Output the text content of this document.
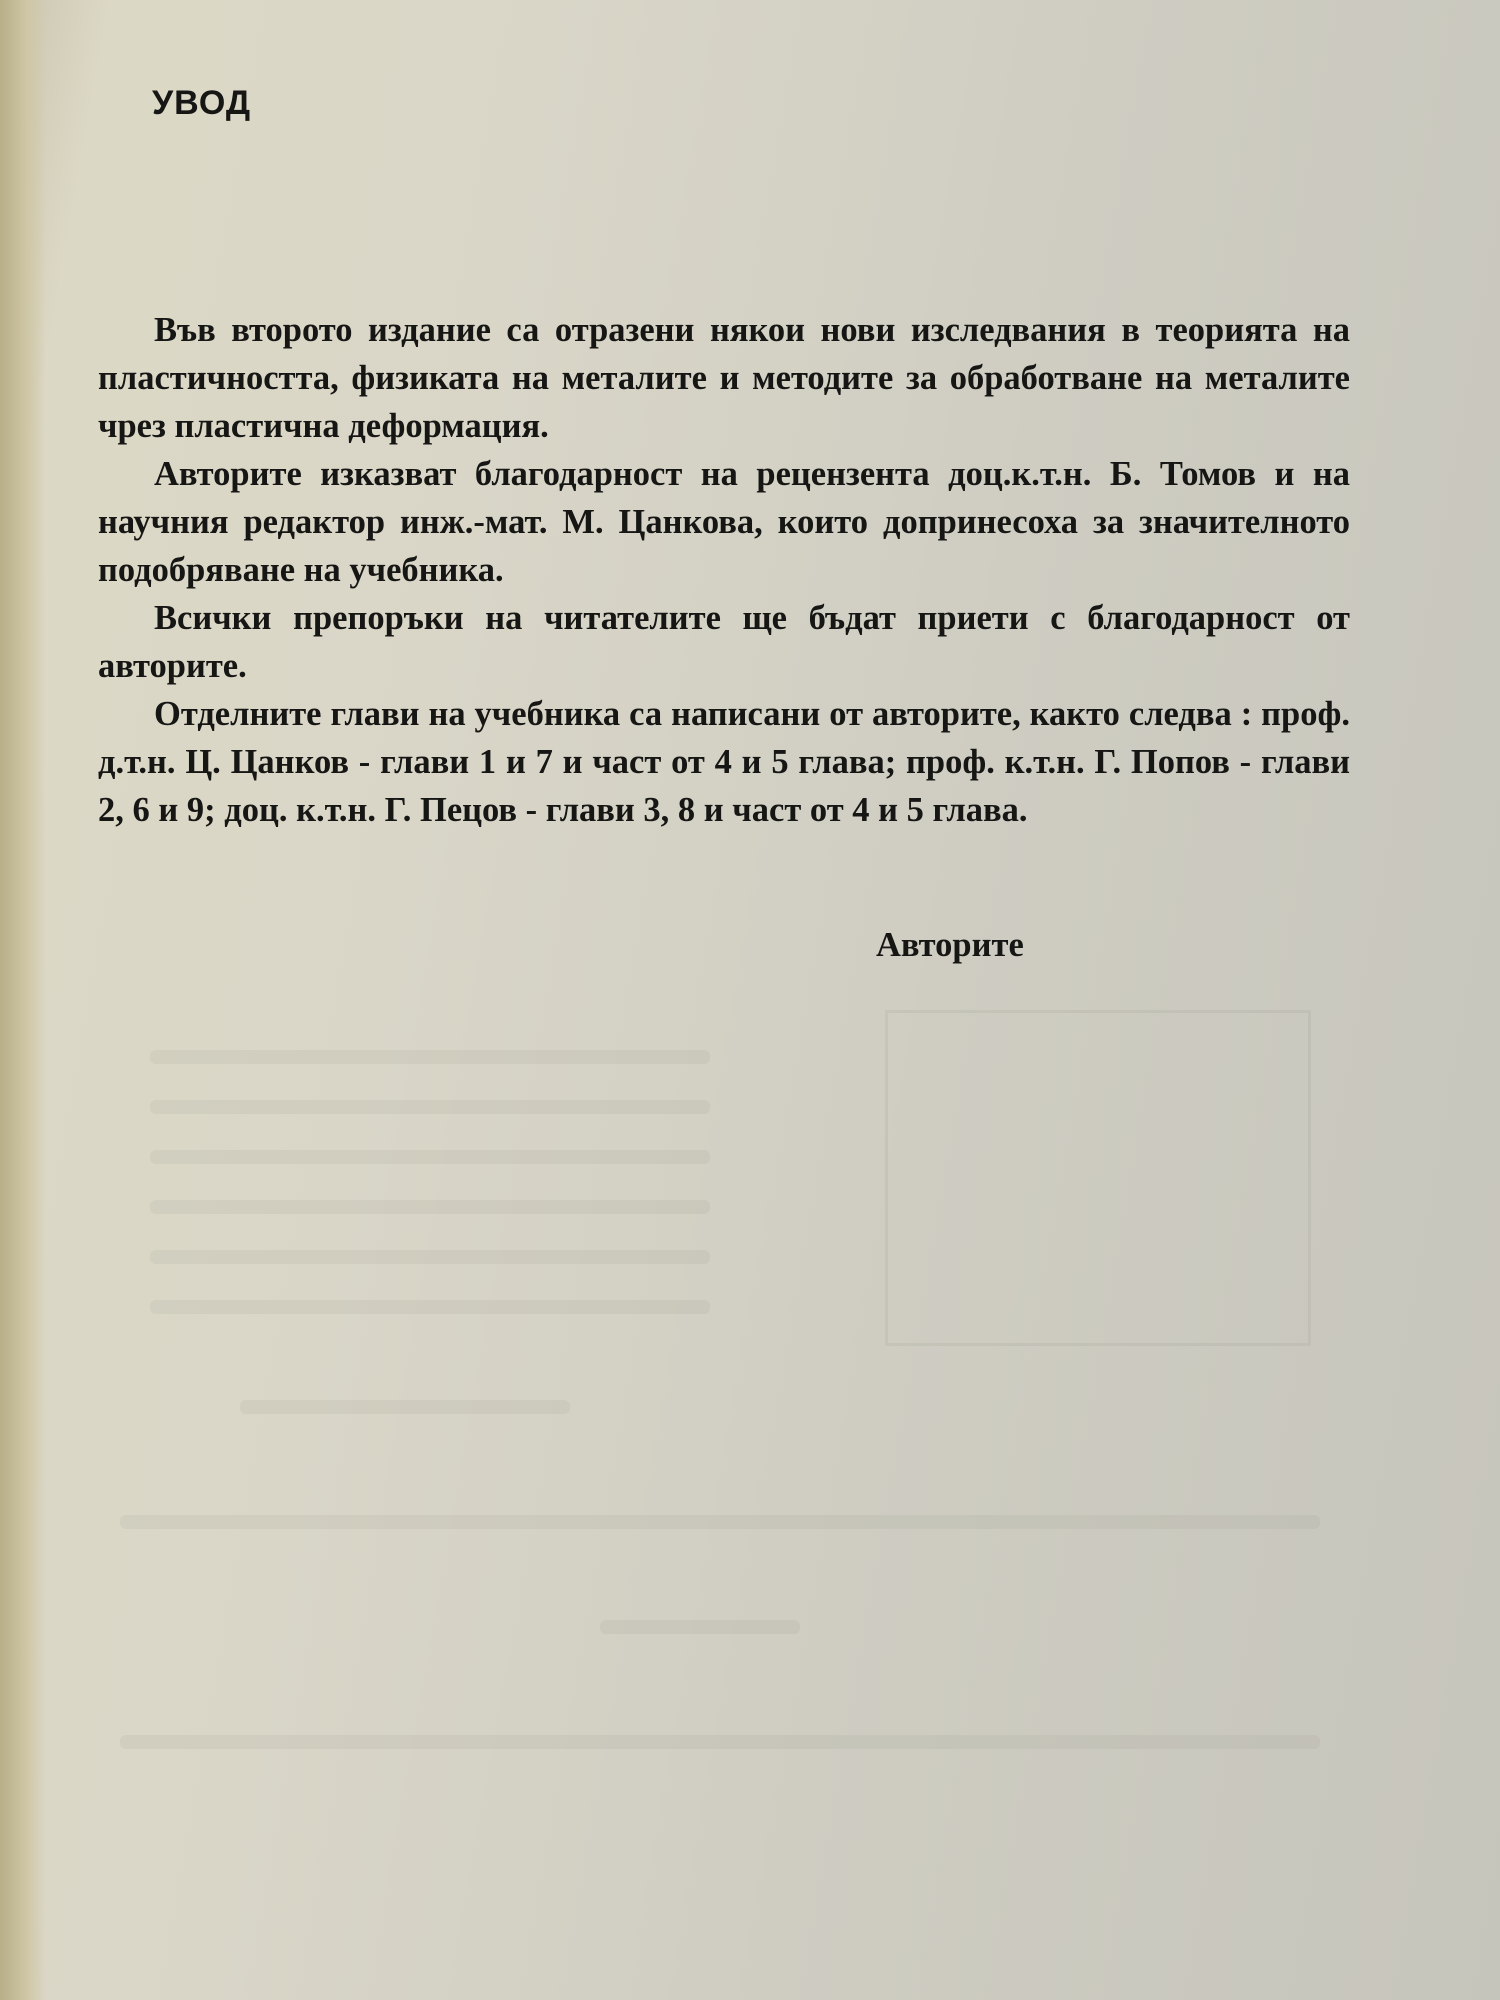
УВОД

Във второто издание са отразени някои нови изследвания в теорията на пластичността, физиката на металите и методите за обработване на металите чрез пластична деформация.

Авторите изказват благодарност на рецензента доц.к.т.н. Б. Томов и на научния редактор инж.-мат. М. Цанкова, които допринесоха за значителното подобряване на учебника.

Всички препоръки на читателите ще бъдат приети с благодарност от авторите.

Отделните глави на учебника са написани от авторите, както следва : проф. д.т.н. Ц. Цанков - глави 1 и 7 и част от 4 и 5 глава; проф. к.т.н. Г. Попов - глави 2, 6 и 9; доц. к.т.н. Г. Пецов - глави 3, 8 и част от 4 и 5 глава.

Авторите
